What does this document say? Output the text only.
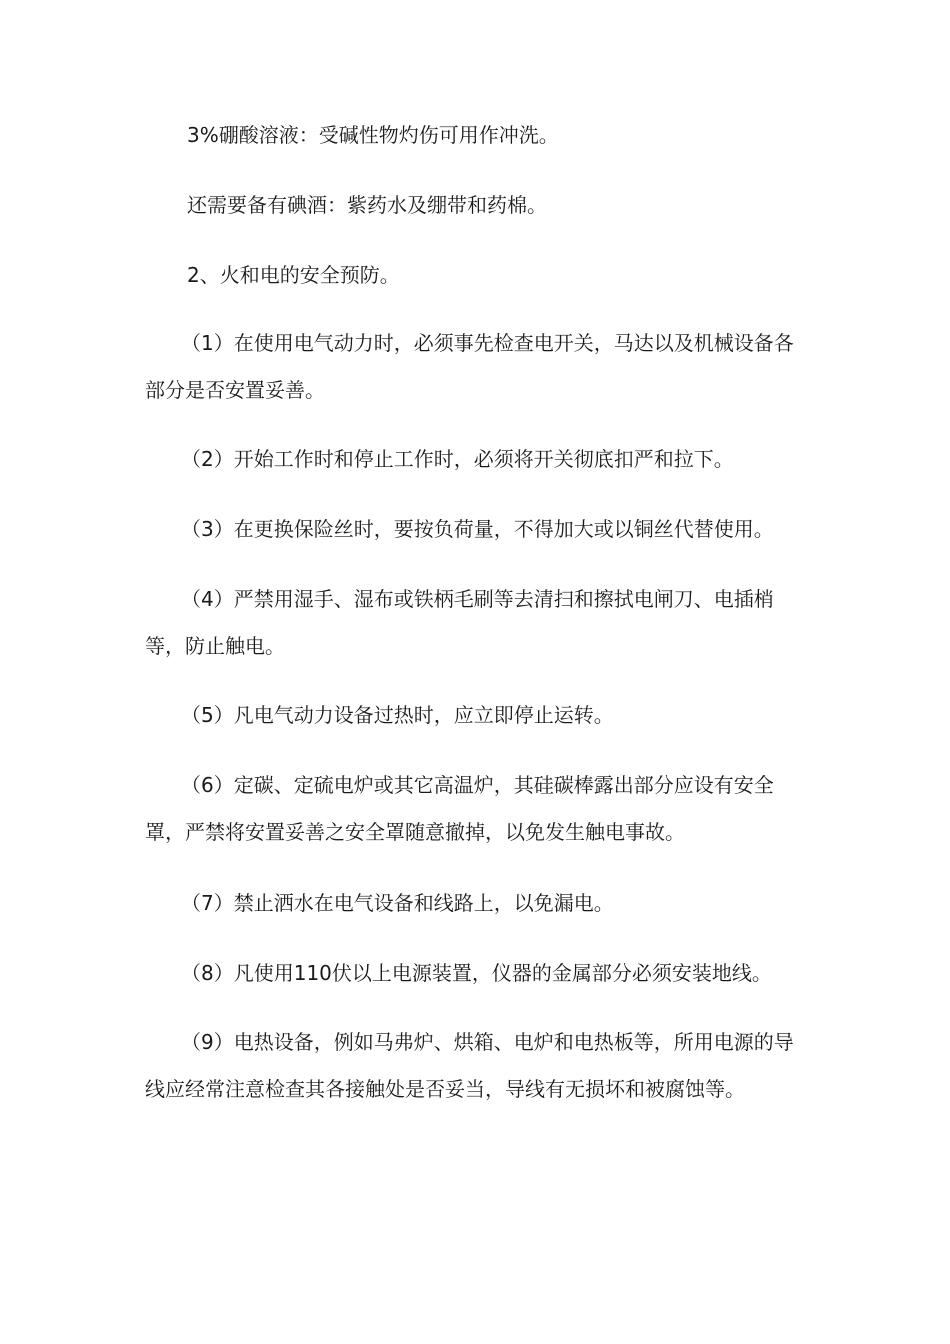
3%硼酸溶液：受碱性物灼伤可用作冲洗。

还需要备有碘酒：紫药水及绷带和药棉。

2、火和电的安全预防。

（1）在使用电气动力时，必须事先检查电开关，马达以及机械设备各部分是否安置妥善。

（2）开始工作时和停止工作时，必须将开关彻底扣严和拉下。

（3）在更换保险丝时，要按负荷量，不得加大或以铜丝代替使用。

（4）严禁用湿手、湿布或铁柄毛刷等去清扫和擦拭电闸刀、电插梢等，防止触电。

（5）凡电气动力设备过热时，应立即停止运转。

（6）定碳、定硫电炉或其它高温炉，其硅碳棒露出部分应设有安全罩，严禁将安置妥善之安全罩随意撤掉，以免发生触电事故。

（7）禁止洒水在电气设备和线路上，以免漏电。

（8）凡使用110伏以上电源装置，仪器的金属部分必须安装地线。

（9）电热设备，例如马弗炉、烘箱、电炉和电热板等，所用电源的导线应经常注意检查其各接触处是否妥当，导线有无损坏和被腐蚀等。
